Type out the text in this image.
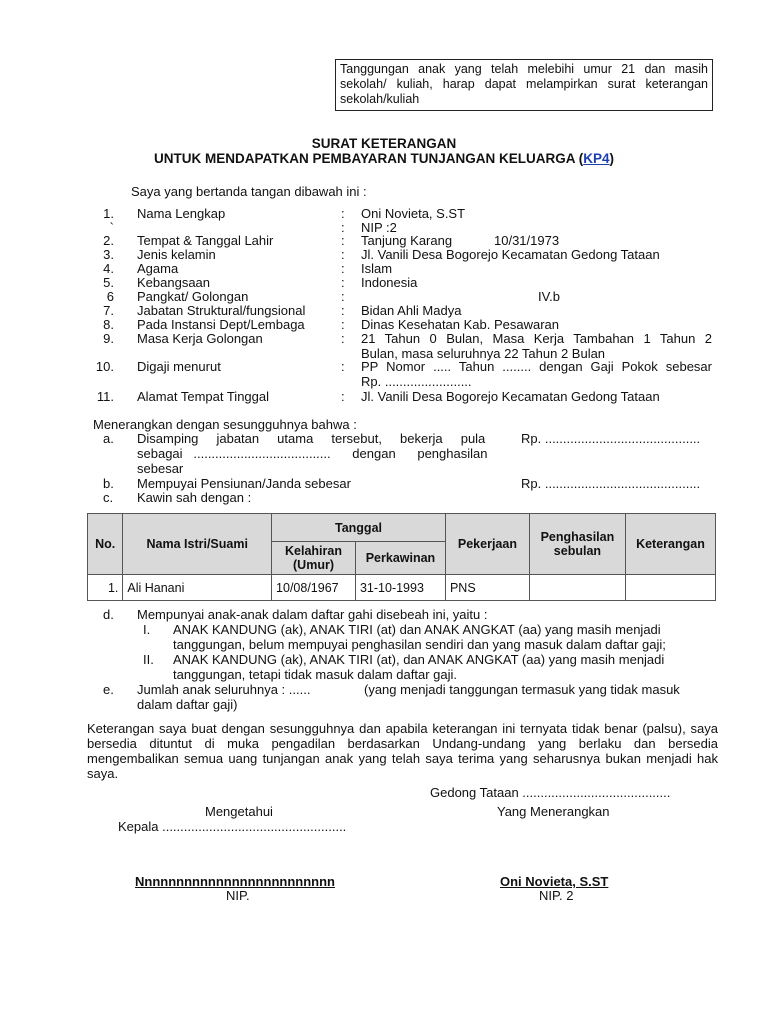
Tanggungan anak yang telah melebihi umur 21 dan masih sekolah/ kuliah, harap dapat melampirkan surat keterangan sekolah/kuliah
SURAT KETERANGAN
UNTUK MENDAPATKAN PEMBAYARAN TUNJANGAN KELUARGA (KP4)
Saya yang bertanda tangan dibawah ini :
1. Nama Lengkap	: Oni Novieta, S.ST
`	: NIP :2
2. Tempat & Tanggal Lahir	: Tanjung Karang	10/31/1973
3. Jenis kelamin	: Jl. Vanili Desa Bogorejo Kecamatan Gedong Tataan
4. Agama	: Islam
5. Kebangsaan	: Indonesia
6 Pangkat/ Golongan	:	IV.b
7. Jabatan Struktural/fungsional	: Bidan Ahli Madya
8. Pada Instansi Dept/Lembaga	: Dinas Kesehatan Kab. Pesawaran
9. Masa Kerja Golongan	: 21 Tahun 0 Bulan, Masa Kerja Tambahan 1 Tahun 2
Bulan, masa seluruhnya 22 Tahun 2 Bulan
10. Digaji menurut	: PP Nomor ..... Tahun ........ dengan Gaji Pokok sebesar
Rp. ........................
11. Alamat Tempat Tinggal	: Jl. Vanili Desa Bogorejo Kecamatan Gedong Tataan
Menerangkan dengan sesungguhnya bahwa :
a. Disamping     jabatan     utama     tersebut,     bekerja     pula
sebagai   ......................................      dengan      penghasilan
sebesar
Rp. ...........................................
b. Mempuyai Pensiunan/Janda sebesar	Rp. ...........................................
c. Kawin sah dengan :
No.	Nama Istri/Suami	Tanggal		Pekerjaan	Penghasilan sebulan	Keterangan
		Kelahiran (Umur)	Perkawinan			
1.	Ali Hanani	10/08/1967	31-10-1993	PNS		
d. Mempunyai anak-anak dalam daftar gahi disebeah ini, yaitu :
I. ANAK KANDUNG (ak), ANAK TIRI (at) dan ANAK ANGKAT (aa) yang masih menjadi
tanggungan, belum mempuyai penghasilan sendiri dan yang masuk dalam daftar gaji;
II. ANAK KANDUNG (ak), ANAK TIRI (at), dan ANAK ANGKAT (aa) yang masih menjadi
tanggungan, tetapi tidak masuk dalam daftar gaji.
e. Jumlah anak seluruhnya : ......	(yang menjadi tanggungan termasuk yang tidak masuk
dalam daftar gaji)
Keterangan saya buat dengan sesungguhnya dan apabila keterangan ini ternyata tidak benar (palsu), saya bersedia dituntut di muka pengadilan berdasarkan Undang-undang yang berlaku dan bersedia mengembalikan semua uang tunjangan anak yang telah saya terima yang seharusnya bukan menjadi hak saya.
Gedong Tataan .........................................
Mengetahui
Kepala ...................................................
Nnnnnnnnnnnnnnnnnnnnnnnnn
NIP.
Yang Menerangkan
Oni Novieta, S.ST
NIP. 2
